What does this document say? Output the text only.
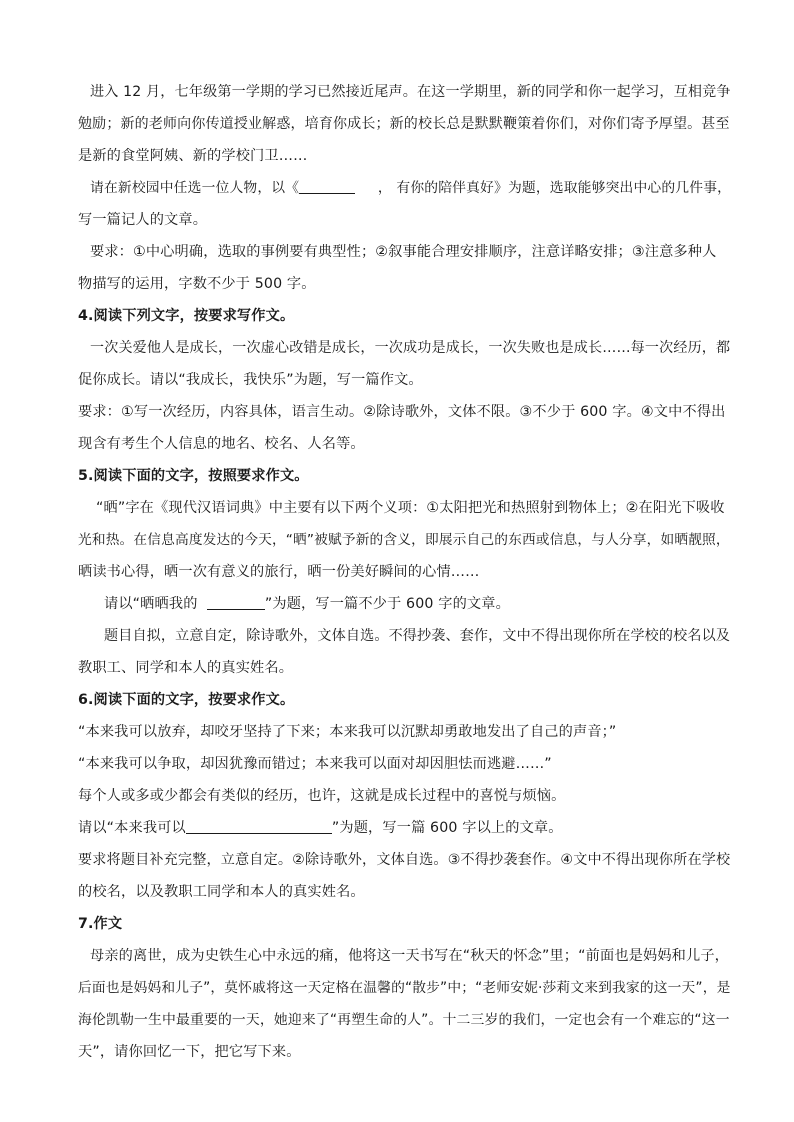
进入 12 月，七年级第一学期的学习已然接近尾声。在这一学期里，新的同学和你一起学习，互相竞争
勉励；新的老师向你传道授业解惑，培育你成长；新的校长总是默默鞭策着你们，对你们寄予厚望。甚至
是新的食堂阿姨、新的学校门卫……
请在新校园中任选一位人物，以《	， 有你的陪伴真好》为题，选取能够突出中心的几件事，
写一篇记人的文章。
要求：①中心明确，选取的事例要有典型性；②叙事能合理安排顺序，注意详略安排；③注意多种人
物描写的运用，字数不少于 500 字。
4.阅读下列文字，按要求写作文。
一次关爱他人是成长，一次虚心改错是成长，一次成功是成长，一次失败也是成长……每一次经历，都
促你成长。请以“我成长，我快乐”为题，写一篇作文。
要求：①写一次经历，内容具体，语言生动。②除诗歌外，文体不限。③不少于 600 字。④文中不得出
现含有考生个人信息的地名、校名、人名等。
5.阅读下面的文字，按照要求作文。
“晒”字在《现代汉语词典》中主要有以下两个义项：①太阳把光和热照射到物体上；②在阳光下吸收
光和热。在信息高度发达的今天，“晒”被赋予新的含义，即展示自己的东西或信息，与人分享，如晒靓照，
晒读书心得，晒一次有意义的旅行，晒一份美好瞬间的心情……
请以“晒晒我的	”为题，写一篇不少于 600 字的文章。
题目自拟，立意自定，除诗歌外，文体自选。不得抄袭、套作，文中不得出现你所在学校的校名以及
教职工、同学和本人的真实姓名。
6.阅读下面的文字，按要求作文。
“本来我可以放弃，却咬牙坚持了下来；本来我可以沉默却勇敢地发出了自己的声音；”
“本来我可以争取，却因犹豫而错过；本来我可以面对却因胆怯而逃避……”
每个人或多或少都会有类似的经历，也许，这就是成长过程中的喜悦与烦恼。
请以“本来我可以	”为题，写一篇 600 字以上的文章。
要求将题目补充完整，立意自定。②除诗歌外，文体自选。③不得抄袭套作。④文中不得出现你所在学校
的校名，以及教职工同学和本人的真实姓名。
7.作文
母亲的离世，成为史铁生心中永远的痛，他将这一天书写在“秋天的怀念”里；“前面也是妈妈和儿子，
后面也是妈妈和儿子”，莫怀戚将这一天定格在温馨的“散步”中；“老师安妮·莎莉文来到我家的这一天”，是
海伦凯勒一生中最重要的一天，她迎来了“再塑生命的人”。十二三岁的我们，一定也会有一个难忘的“这一
天”，请你回忆一下，把它写下来。
